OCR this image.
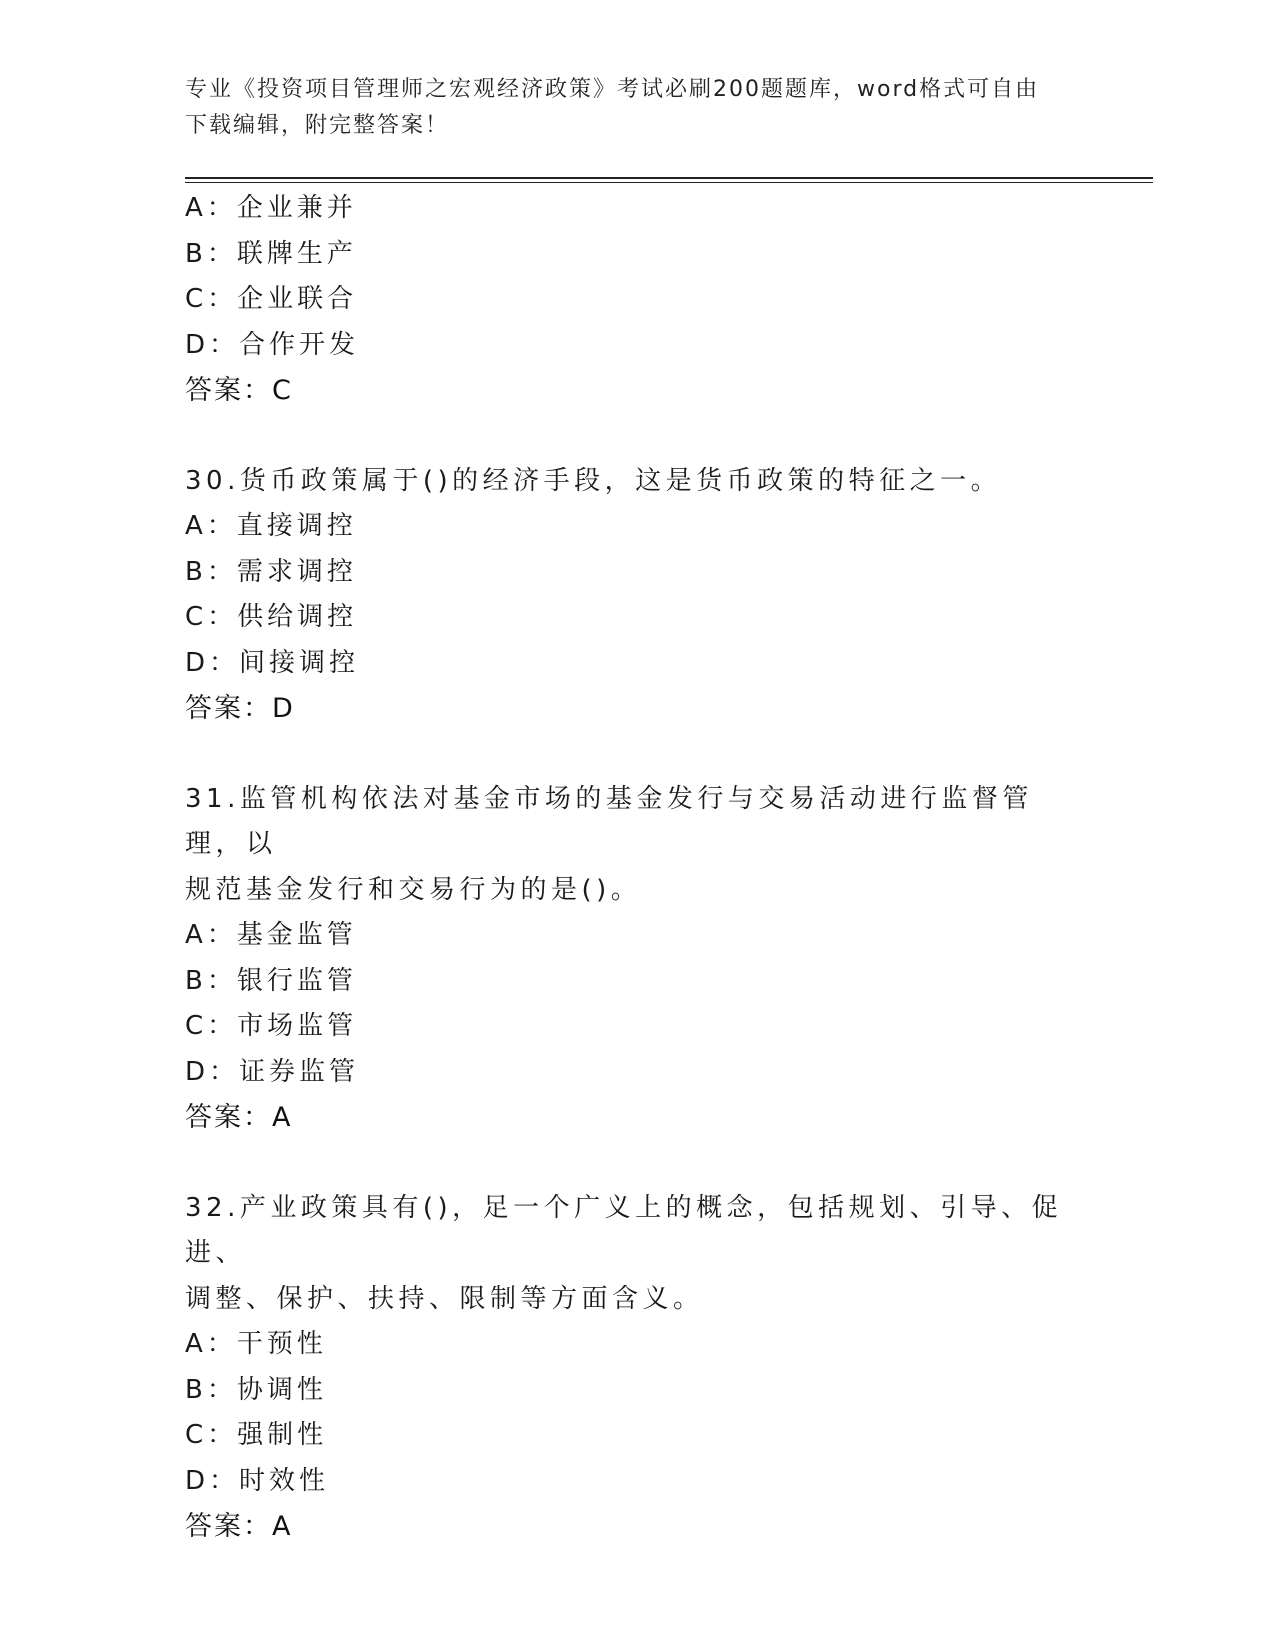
专业《投资项目管理师之宏观经济政策》考试必刷200题题库，word格式可自由
下载编辑，附完整答案！
A：企业兼并
B：联牌生产
C：企业联合
D：合作开发
答案：C
30.货币政策属于()的经济手段，这是货币政策的特征之一。
A：直接调控
B：需求调控
C：供给调控
D：间接调控
答案：D
31.监管机构依法对基金市场的基金发行与交易活动进行监督管理，以
规范基金发行和交易行为的是()。
A：基金监管
B：银行监管
C：市场监管
D：证券监管
答案：A
32.产业政策具有()，足一个广义上的概念，包括规划、引导、促进、
调整、保护、扶持、限制等方面含义。
A：干预性
B：协调性
C：强制性
D：时效性
答案：A
